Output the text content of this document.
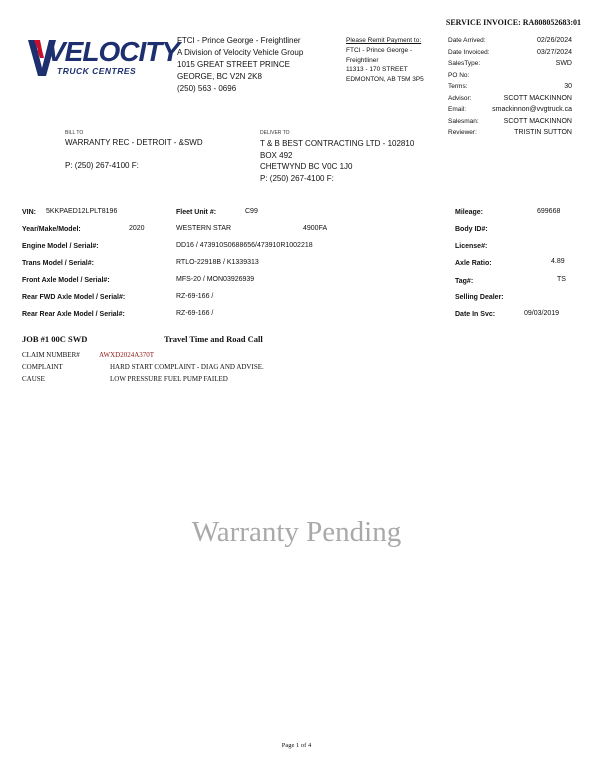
SERVICE INVOICE: RA808052683:01
VELOCITY
TRUCK CENTRES
FTCI - Prince George - Freightliner
A Division of Velocity Vehicle Group
1015 GREAT STREET PRINCE
GEORGE, BC V2N 2K8
(250) 563 - 0696
Please Remit Payment to:
FTCI - Prince George -
Freightliner
11313 - 170 STREET
EDMONTON, AB T5M 3P5
Date Arrived:	02/26/2024
Date Invoiced:	03/27/2024
SalesType:	SWD
PO No:
Terms:	30
Advisor:	SCOTT MACKINNON
Email:	smackinnon@vvgtruck.ca
Salesman:	SCOTT MACKINNON
Reviewer:	TRISTIN SUTTON
BILL TO
WARRANTY REC - DETROIT - &SWD
P: (250) 267-4100 F:
DELIVER TO
T & B BEST CONTRACTING LTD - 102810
BOX 492
CHETWYND BC V0C 1J0
P: (250) 267-4100 F:
VIN: 5KKPAED12LPLT8196	Fleet Unit #:	C99	Mileage:	699668
Year/Make/Model:	2020	WESTERN STAR	4900FA	Body ID#:
Engine Model / Serial#:	DD16 / 473910S0688656/473910R1002218	License#:
Trans Model / Serial#:	RTLO-22918B / K1339313	Axle Ratio:	4.89
Front Axle Model / Serial#:	MFS-20 / MON03926939	Tag#:	TS
Rear FWD Axle Model / Serial#:	RZ-69-166 /	Selling Dealer:
Rear Rear Axle Model / Serial#:	RZ-69-166 /	Date In Svc:	09/03/2019
JOB #1 00C SWD	Travel Time and Road Call
CLAIM NUMBER#	AWXD2024A370T
COMPLAINT	HARD START COMPLAINT - DIAG AND ADVISE.
CAUSE	LOW PRESSURE FUEL PUMP FAILED
Warranty Pending
Page 1 of 4
